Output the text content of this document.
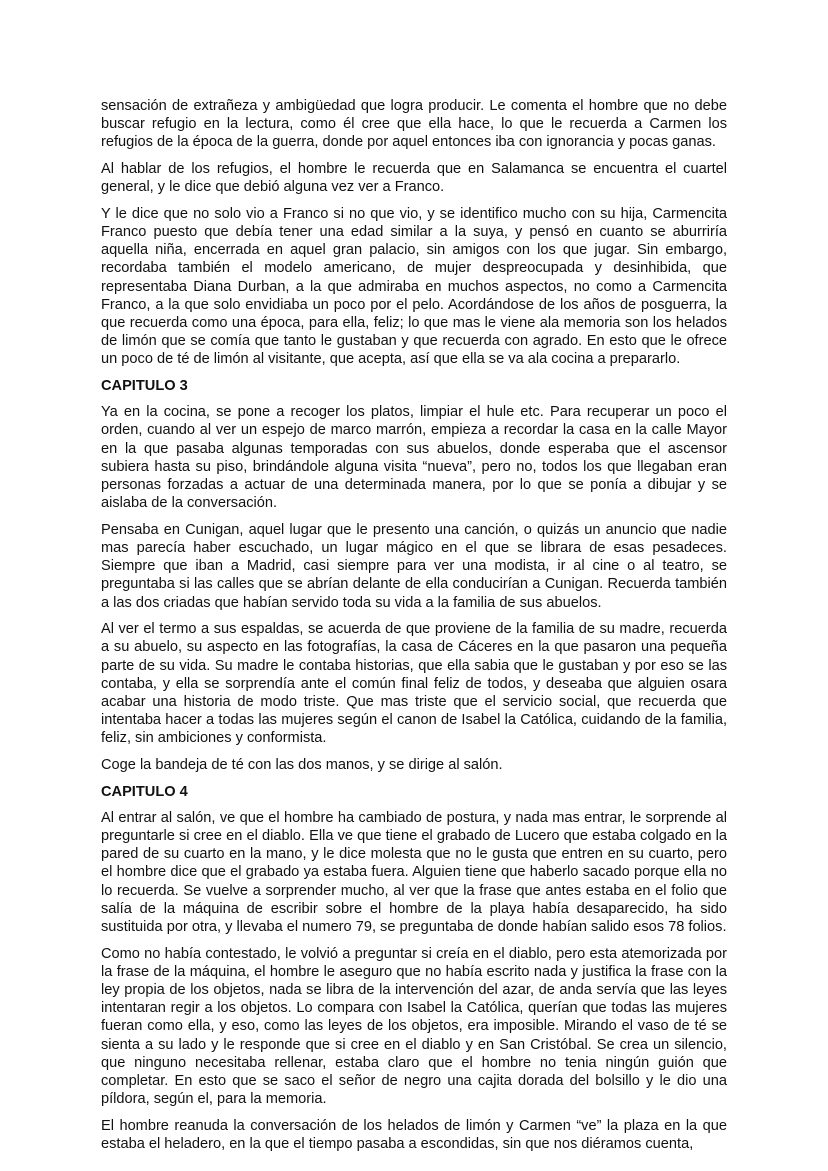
sensación de extrañeza y ambigüedad que logra producir. Le comenta el hombre que no debe buscar refugio en la lectura, como él cree que ella hace, lo que le recuerda a Carmen los refugios de la época de la guerra, donde por aquel entonces iba con ignorancia y pocas ganas.

Al hablar de los refugios, el hombre le recuerda que en Salamanca se encuentra el cuartel general, y le dice que debió alguna vez ver a Franco.

Y le dice que no solo vio a Franco si no que vio, y se identifico mucho con su hija, Carmencita Franco puesto que debía tener una edad similar a la suya, y pensó en cuanto se aburriría aquella niña, encerrada en aquel gran palacio, sin amigos con los que jugar. Sin embargo, recordaba también el modelo americano, de mujer despreocupada y desinhibida, que representaba Diana Durban, a la que admiraba en muchos aspectos, no como a Carmencita Franco, a la que solo envidiaba un poco por el pelo. Acordándose de los años de posguerra, la que recuerda como una época, para ella, feliz; lo que mas le viene ala memoria son los helados de limón que se comía que tanto le gustaban y que recuerda con agrado. En esto que le ofrece un poco de té de limón al visitante, que acepta, así que ella se va ala cocina a prepararlo.

CAPITULO 3

Ya en la cocina, se pone a recoger los platos, limpiar el hule etc. Para recuperar un poco el orden, cuando al ver un espejo de marco marrón, empieza a recordar la casa en la calle Mayor en la que pasaba algunas temporadas con sus abuelos, donde esperaba que el ascensor subiera hasta su piso, brindándole alguna visita “nueva”, pero no, todos los que llegaban eran personas forzadas a actuar de una determinada manera, por lo que se ponía a dibujar y se aislaba de la conversación.

Pensaba en Cunigan, aquel lugar que le presento una canción, o quizás un anuncio que nadie mas parecía haber escuchado, un lugar mágico en el que se librara de esas pesadeces. Siempre que iban a Madrid, casi siempre para ver una modista, ir al cine o al teatro, se preguntaba si las calles que se abrían delante de ella conducirían a Cunigan. Recuerda también a las dos criadas que habían servido toda su vida a la familia de sus abuelos.

Al ver el termo a sus espaldas, se acuerda de que proviene de la familia de su madre, recuerda a su abuelo, su aspecto en las fotografías, la casa de Cáceres en la que pasaron una pequeña parte de su vida. Su madre le contaba historias, que ella sabia que le gustaban y por eso se las contaba, y ella se sorprendía ante el común final feliz de todos, y deseaba que alguien osara acabar una historia de modo triste. Que mas triste que el servicio social, que recuerda que intentaba hacer a todas las mujeres según el canon de Isabel la Católica, cuidando de la familia, feliz, sin ambiciones y conformista.

Coge la bandeja de té con las dos manos, y se dirige al salón.

CAPITULO 4

Al entrar al salón, ve que el hombre ha cambiado de postura, y nada mas entrar, le sorprende al preguntarle si cree en el diablo. Ella ve que tiene el grabado de Lucero que estaba colgado en la pared de su cuarto en la mano, y le dice molesta que no le gusta que entren en su cuarto, pero el hombre dice que el grabado ya estaba fuera. Alguien tiene que haberlo sacado porque ella no lo recuerda. Se vuelve a sorprender mucho, al ver que la frase que antes estaba en el folio que salía de la máquina de escribir sobre el hombre de la playa había desaparecido, ha sido sustituida por otra, y llevaba el numero 79, se preguntaba de donde habían salido esos 78 folios.

Como no había contestado, le volvió a preguntar si creía en el diablo, pero esta atemorizada por la frase de la máquina, el hombre le aseguro que no había escrito nada y justifica la frase con la ley propia de los objetos, nada se libra de la intervención del azar, de anda servía que las leyes intentaran regir a los objetos. Lo compara con Isabel la Católica, querían que todas las mujeres fueran como ella, y eso, como las leyes de los objetos, era imposible. Mirando el vaso de té se sienta a su lado y le responde que si cree en el diablo y en San Cristóbal. Se crea un silencio, que ninguno necesitaba rellenar, estaba claro que el hombre no tenia ningún guión que completar. En esto que se saco el señor de negro una cajita dorada del bolsillo y le dio una píldora, según el, para la memoria.

El hombre reanuda la conversación de los helados de limón y Carmen “ve” la plaza en la que estaba el heladero, en la que el tiempo pasaba a escondidas, sin que nos diéramos cuenta,
